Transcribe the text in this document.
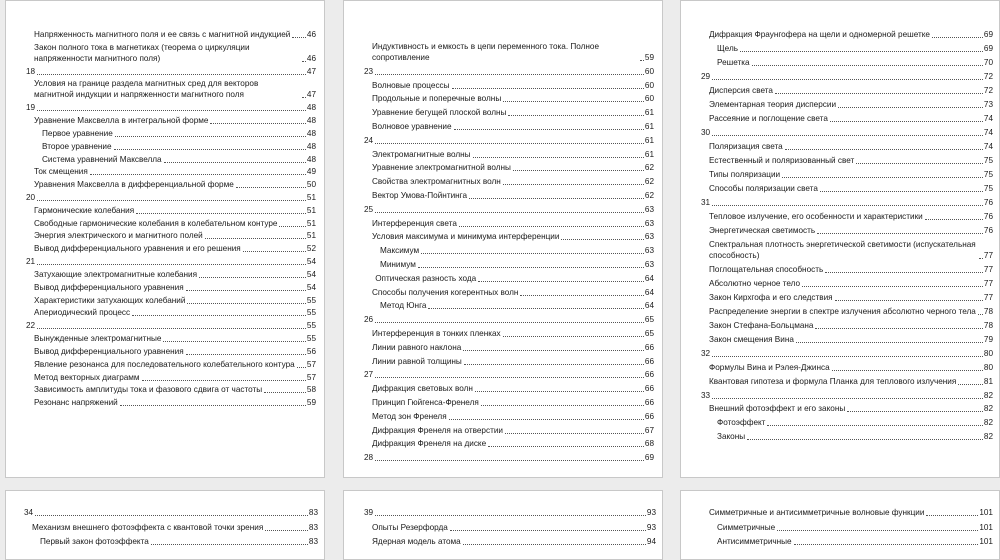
Напряженность магнитного поля и ее связь с магнитной индукцией 46
Закон полного тока в магнетиках (теорема о циркуляции напряженности магнитного поля)	46
18	47
Условия на границе раздела магнитных сред для векторов магнитной индукции и напряженности магнитного поля	47
19	48
Уравнение Максвелла в интегральной форме	48
Первое уравнение	48
Второе уравнение	48
Система уравнений Максвелла	48
Ток смещения	49
Уравнения Максвелла в дифференциальной форме	50
20	51
Гармонические колебания	51
Свободные гармонические колебания в колебательном контуре	51
Энергия электрического и магнитного полей	51
Вывод дифференциального уравнения и его решения	52
21	54
Затухающие электромагнитные колебания	54
Вывод дифференциального уравнения	54
Характеристики затухающих колебаний	55
Апериодический процесс	55
22	55
Вынужденные электромагнитные	55
Вывод дифференциального уравнения	56
Явление резонанса для последовательного колебательного контура 57
Метод векторных диаграмм	57
Зависимость амплитуды тока и фазового сдвига от частоты	58
Резонанс напряжений	59
Индуктивность и емкость в цепи переменного тока. Полное сопротивление	59
23	60
Волновые процессы	60
Продольные и поперечные волны	60
Уравнение бегущей плоской волны	61
Волновое уравнение	61
24	61
Электромагнитные волны	61
Уравнение электромагнитной волны	62
Свойства электромагнитных волн	62
Вектор Умова-Пойнтинга	62
25	63
Интерференция света	63
Условия максимума и минимума интерференции	63
Максимум	63
Минимум	63
Оптическая разность хода	64
Способы получения когерентных волн	64
Метод Юнга	64
26	65
Интерференция в тонких пленках	65
Линии равного наклона	66
Линии равной толщины	66
27	66
Дифракция световых волн	66
Принцип Гюйгенса-Френеля	66
Метод зон Френеля	66
Дифракция Френеля на отверстии	67
Дифракция Френеля на диске	68
28	69
Дифракция Фраунгофера на щели и одномерной решетке	69
Щель	69
Решетка	70
29	72
Дисперсия света	72
Элементарная теория дисперсии	73
Рассеяние и поглощение света	74
30	74
Поляризация света	74
Естественный и поляризованный свет	75
Типы поляризации	75
Способы поляризации света	75
31	76
Тепловое излучение, его особенности и характеристики	76
Энергетическая светимость	76
Спектральная плотность энергетической светимости (испускательная способность)	77
Поглощательная способность	77
Абсолютно черное тело	77
Закон Кирхгофа и его следствия	77
Распределение энергии в спектре излучения абсолютно черного тела 78
Закон Стефана-Больцмана	78
Закон смещения Вина	79
32	80
Формулы Вина и Рэлея-Джинса	80
Квантовая гипотеза и формула Планка для теплового излучения	81
33	82
Внешний фотоэффект и его законы	82
Фотоэффект	82
Законы	82
34	83
Механизм внешнего фотоэффекта с квантовой точки зрения	83
Первый закон фотоэффекта	83
39	93
Опыты Резерфорда	93
Ядерная модель атома	94
Симметричные и антисимметричные волновые функции	101
Симметричные	101
Антисимметричные	101
